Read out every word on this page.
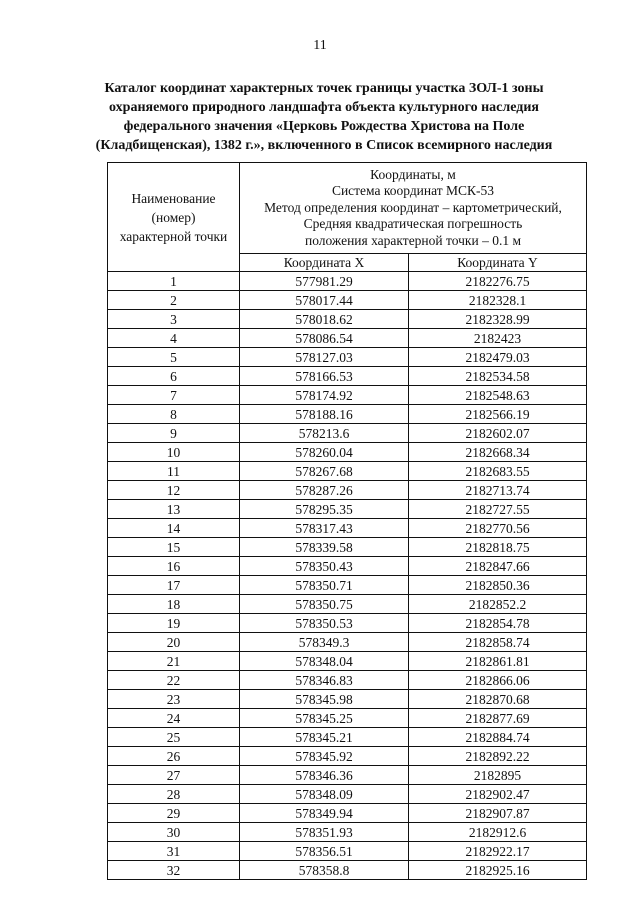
11
Каталог координат характерных точек границы участка ЗОЛ-1 зоны
охраняемого природного ландшафта объекта культурного наследия
федерального значения «Церковь Рождества Христова на Поле
(Кладбищенская), 1382 г.», включенного в Список всемирного наследия
Наименование
(номер)
характерной точки	Координаты, м
Система координат МСК-53
Метод определения координат – картометрический,
Средняя квадратическая погрешность
положения характерной точки – 0.1 м	

	Координата X	Координата Y
1	577981.29	2182276.75
2	578017.44	2182328.1
3	578018.62	2182328.99
4	578086.54	2182423
5	578127.03	2182479.03
6	578166.53	2182534.58
7	578174.92	2182548.63
8	578188.16	2182566.19
9	578213.6	2182602.07
10	578260.04	2182668.34
11	578267.68	2182683.55
12	578287.26	2182713.74
13	578295.35	2182727.55
14	578317.43	2182770.56
15	578339.58	2182818.75
16	578350.43	2182847.66
17	578350.71	2182850.36
18	578350.75	2182852.2
19	578350.53	2182854.78
20	578349.3	2182858.74
21	578348.04	2182861.81
22	578346.83	2182866.06
23	578345.98	2182870.68
24	578345.25	2182877.69
25	578345.21	2182884.74
26	578345.92	2182892.22
27	578346.36	2182895
28	578348.09	2182902.47
29	578349.94	2182907.87
30	578351.93	2182912.6
31	578356.51	2182922.17
32	578358.8	2182925.16
